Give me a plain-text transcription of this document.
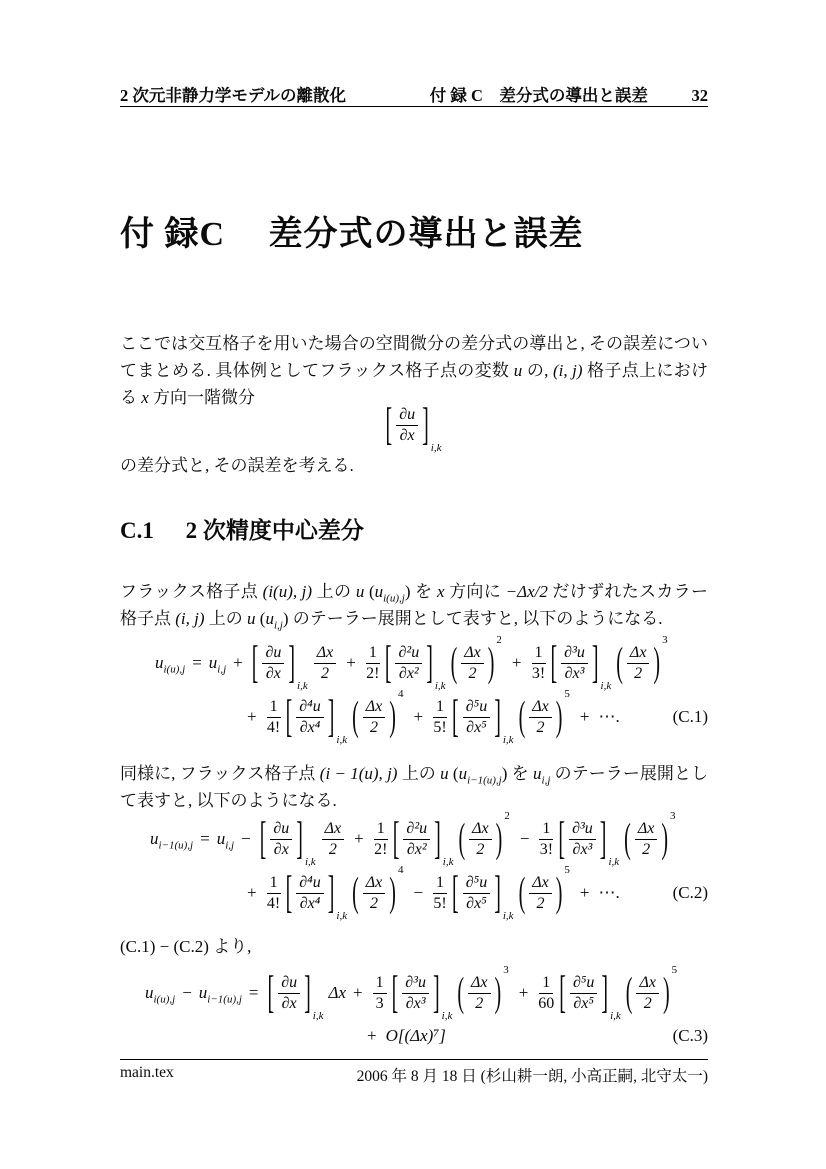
2 次元非静力学モデルの離散化	付 録 C　差分式の導出と誤差	32
付 録C 差分式の導出と誤差

ここでは交互格子を用いた場合の空間微分の差分式の導出と, その誤差についてまとめる. 具体例としてフラックス格子点の変数 u の, (i, j) 格子点上における x 方向一階微分

[ $\frac{\partial u}{\partial x}$ ] i,k

の差分式と, その誤差を考える.

C.1 2 次精度中心差分

フラックス格子点 (i(u), j) 上の u $(u_{i(u),j})$ を x 方向に −Δx/2 だけずれたスカラー格子点 (i, j) 上の u $(u_{i,j})$ のテーラー展開として表すと, 以下のようになる.

$u_{i(u),j} = u_{i,j}$ + [ $\frac{\partial u}{\partial x}$ ] i,k
$\frac{\Delta x}{2} + \frac{1}{2!}$ [ $\frac{\text{∂²u}}{\text{∂x²}}$ ] i,k
( $\frac{\Delta x}{2}$ )
2
+ $\frac{1}{3!}$ [ $\frac{\text{∂³u}}{\text{∂x³}}$ ] i,k
( $\frac{\Delta x}{2}$ )
3
+ $\frac{1}{4!}$ [ $\frac{\text{∂⁴u}}{\text{∂x⁴}}$ ] i,k
( $\frac{\Delta x}{2}$ )
4
+ $\frac{1}{5!}$ [ $\frac{\text{∂⁵u}}{\text{∂x⁵}}$ ] i,k
( $\frac{\Delta x}{2}$ )
5
+ ⋯.	(C.1)

同様に, フラックス格子点 (i − 1(u), j) 上の u $(u_{i-1(u),j})$ を $u_{i,j}$ のテーラー展開として表すと, 以下のようになる.

$u_{i-1(u),j} = u_{i,j}$ − [ $\frac{\partial u}{\partial x}$ ] i,k
$\frac{\Delta x}{2} + \frac{1}{2!}$ [ $\frac{\text{∂²u}}{\text{∂x²}}$ ] i,k
( $\frac{\Delta x}{2}$ )
2
− $\frac{1}{3!}$ [ $\frac{\text{∂³u}}{\text{∂x³}}$ ] i,k
( $\frac{\Delta x}{2}$ )
3
+ $\frac{1}{4!}$ [ $\frac{\text{∂⁴u}}{\text{∂x⁴}}$ ] i,k
( $\frac{\Delta x}{2}$ )
4
− $\frac{1}{5!}$ [ $\frac{\text{∂⁵u}}{\text{∂x⁵}}$ ] i,k
( $\frac{\Delta x}{2}$ )
5
+ ⋯.	(C.2)

(C.1) − (C.2) より,

$u_{i(u),j} - u_{i-1(u),j}$ = [ $\frac{\partial u}{\partial x}$ ] i,k
$\Delta x + \frac{1}{3}$ [ $\frac{\text{∂³u}}{\text{∂x³}}$ ] i,k
( $\frac{\Delta x}{2}$ )
3
+ $\frac{1}{60}$ [ $\frac{\text{∂⁵u}}{\text{∂x⁵}}$ ] i,k
( $\frac{\Delta x}{2}$ )
5
+ O[(Δx)⁷]	(C.3)
main.tex	2006 年 8 月 18 日 (杉山耕一朗, 小高正嗣, 北守太一)
